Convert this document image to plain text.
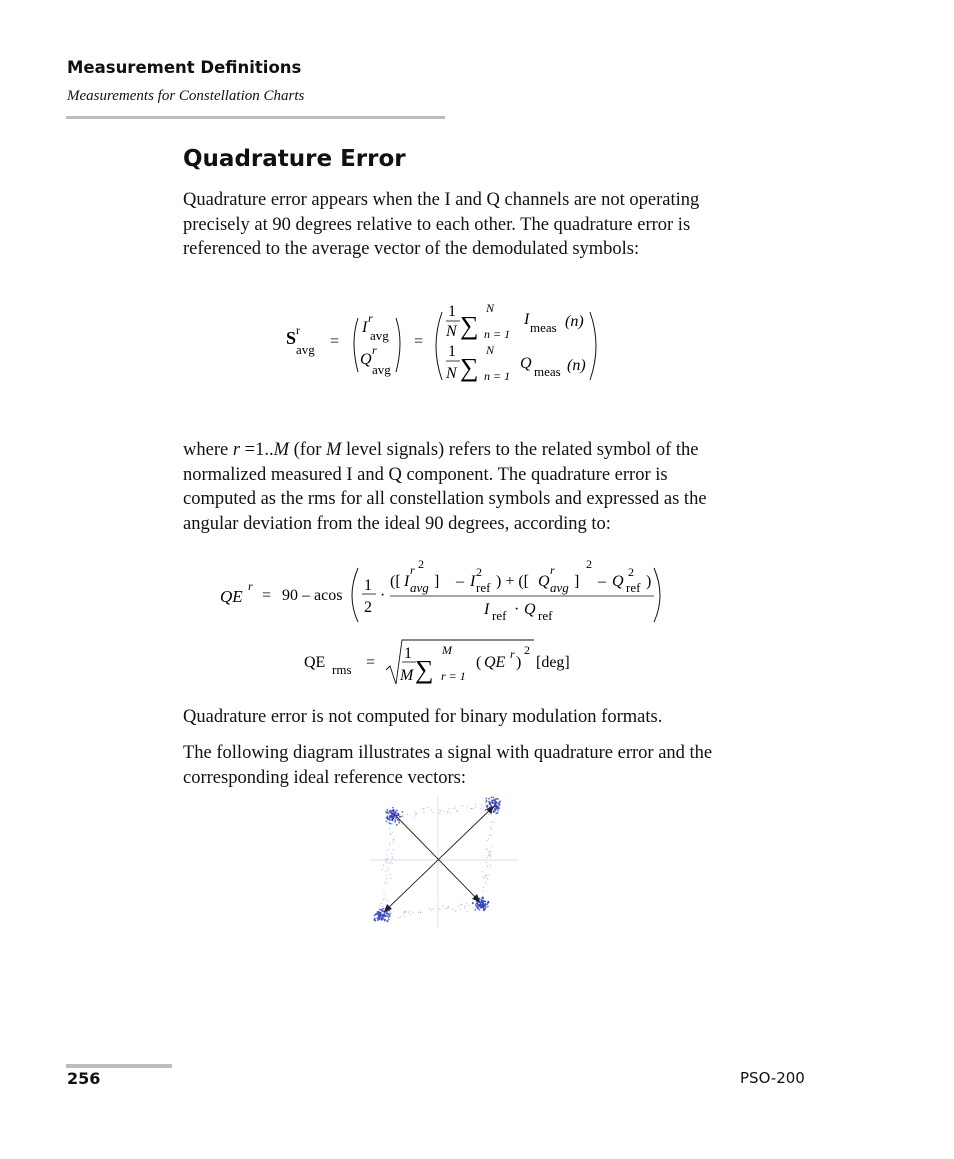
Measurement Definitions
Measurements for Constellation Charts
Quadrature Error
Quadrature error appears when the I and Q channels are not operating
precisely at 90 degrees relative to each other. The quadrature error is
referenced to the average vector of the demodulated symbols:
S r
avg =
I
r
avg
Q
r
avg
=
1
N ∑
N
n = 1
I meas (n)
1
N ∑
N
n = 1
Q meas (n)
where r =1..M (for M level signals) refers to the related symbol of the
normalized measured I and Q component. The quadrature error is
computed as the rms for all constellation symbols and expressed as the
angular deviation from the ideal 90 degrees, according to:
QE
r
= 90 – acos
1
2
·
([ I
r
avg ]
2
– I
2
ref ) + ([ Q
r
avg ]
2
– Q
2
ref )
I ref · Q ref
QE rms =
1
M ∑
M
r = 1
( QE r )
2
[deg]
Quadrature error is not computed for binary modulation formats.
The following diagram illustrates a signal with quadrature error and the
corresponding ideal reference vectors:
256	PSO-200
